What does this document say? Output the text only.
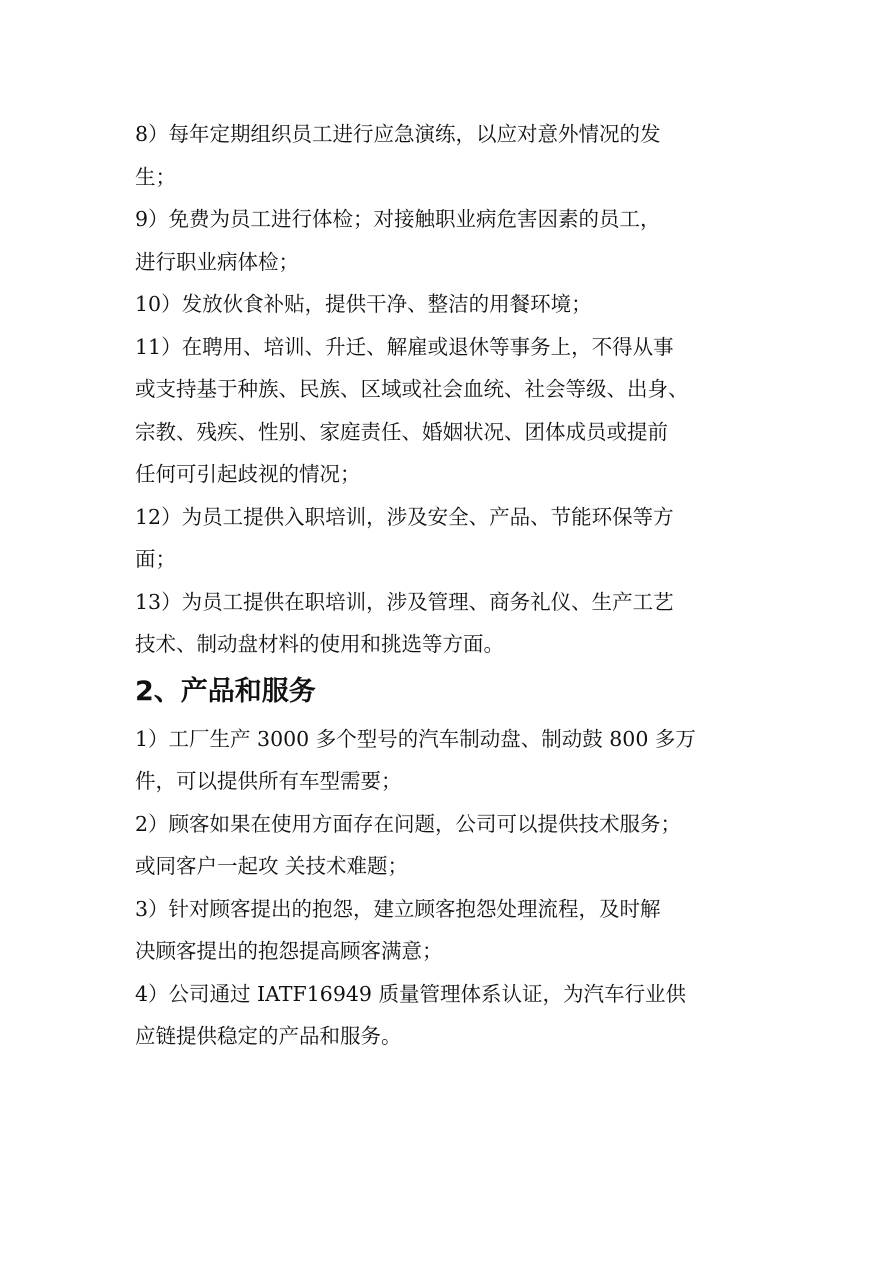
8）每年定期组织员工进行应急演练，以应对意外情况的发
生；
9）免费为员工进行体检；对接触职业病危害因素的员工，
进行职业病体检；
10）发放伙食补贴，提供干净、整洁的用餐环境；
11）在聘用、培训、升迁、解雇或退休等事务上，不得从事
或支持基于种族、民族、区域或社会血统、社会等级、出身、
宗教、残疾、性别、家庭责任、婚姻状况、团体成员或提前
任何可引起歧视的情况；
12）为员工提供入职培训，涉及安全、产品、节能环保等方
面；
13）为员工提供在职培训，涉及管理、商务礼仪、生产工艺
技术、制动盘材料的使用和挑选等方面。
2、产品和服务
1）工厂生产 3000 多个型号的汽车制动盘、制动鼓 800 多万
件，可以提供所有车型需要；
2）顾客如果在使用方面存在问题，公司可以提供技术服务；
或同客户一起攻 关技术难题；
3）针对顾客提出的抱怨，建立顾客抱怨处理流程，及时解
决顾客提出的抱怨提高顾客满意；
4）公司通过 IATF16949 质量管理体系认证，为汽车行业供
应链提供稳定的产品和服务。
